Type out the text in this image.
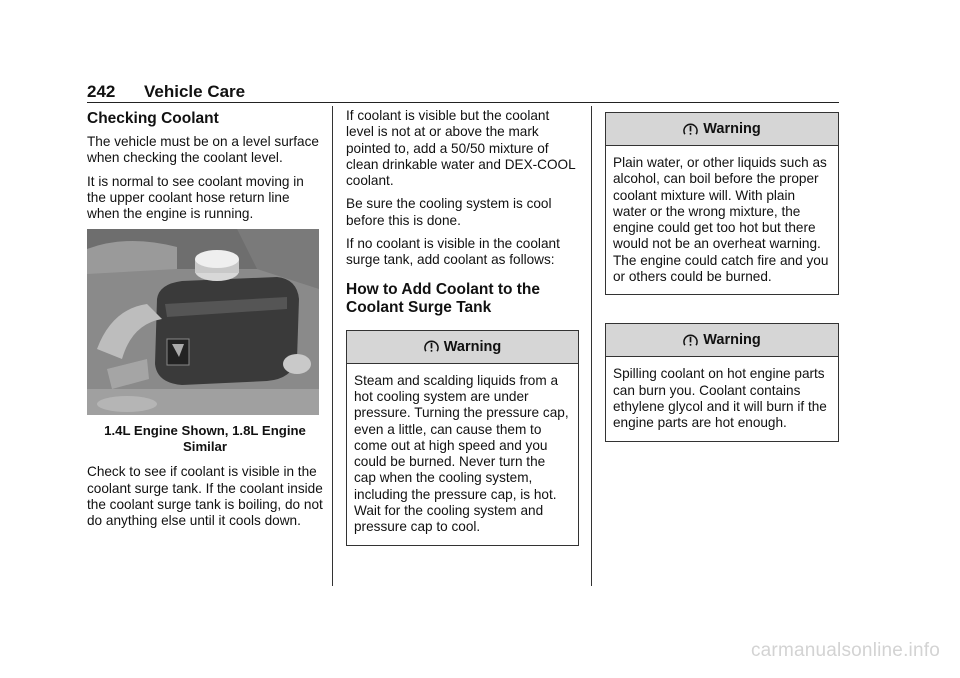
242 Vehicle Care
Checking Coolant

The vehicle must be on a level surface when checking the coolant level.

It is normal to see coolant moving in the upper coolant hose return line when the engine is running.

1.4L Engine Shown, 1.8L Engine Similar

Check to see if coolant is visible in the coolant surge tank. If the coolant inside the coolant surge tank is boiling, do not do anything else until it cools down.

If coolant is visible but the coolant level is not at or above the mark pointed to, add a 50/50 mixture of clean drinkable water and DEX-COOL coolant.

Be sure the cooling system is cool before this is done.

If no coolant is visible in the coolant surge tank, add coolant as follows:

How to Add Coolant to the Coolant Surge Tank
Warning
Steam and scalding liquids from a hot cooling system are under pressure. Turning the pressure cap, even a little, can cause them to come out at high speed and you could be burned. Never turn the cap when the cooling system, including the pressure cap, is hot. Wait for the cooling system and pressure cap to cool.
Warning
Plain water, or other liquids such as alcohol, can boil before the proper coolant mixture will. With plain water or the wrong mixture, the engine could get too hot but there would not be an overheat warning. The engine could catch fire and you or others could be burned.
Warning
Spilling coolant on hot engine parts can burn you. Coolant contains ethylene glycol and it will burn if the engine parts are hot enough.
carmanualsonline.info
